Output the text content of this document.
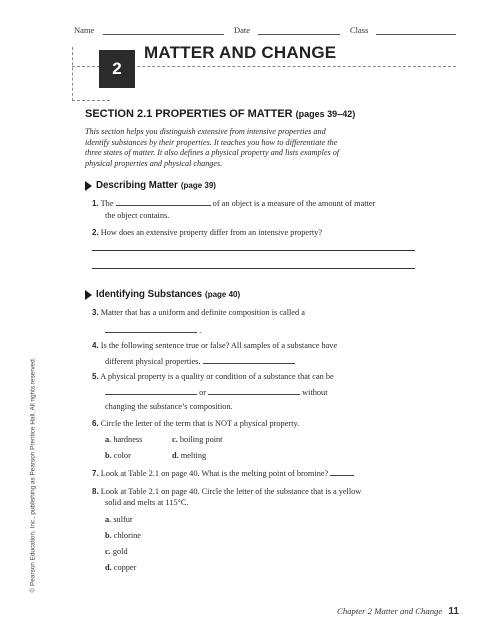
Name	Date	Class
2
MATTER AND CHANGE
SECTION 2.1 PROPERTIES OF MATTER (pages 39–42)
This section helps you distinguish extensive from intensive properties and
identify substances by their properties. It teaches you how to differentiate the
three states of matter. It also defines a physical property and lists examples of
physical properties and physical changes.
Describing Matter (page 39)
1. The	of an object is a measure of the amount of matter
the object contains.
2. How does an extensive property differ from an intensive property?
Identifying Substances (page 40)
3. Matter that has a uniform and definite composition is called a
.
4. Is the following sentence true or false? All samples of a substance have
different physical properties.
5. A physical property is a quality or condition of a substance that can be
or	without
changing the substance’s composition.
6. Circle the letter of the term that is NOT a physical property.
a. hardness	c. boiling point
b. color	d. melting
7. Look at Table 2.1 on page 40. What is the melting point of bromine?
8. Look at Table 2.1 on page 40. Circle the letter of the substance that is a yellow
solid and melts at 115°C.
a. sulfur
b. chlorine
c. gold
d. copper
© Pearson Education, Inc., publishing as Pearson Prentice Hall. All rights reserved.
Chapter 2 Matter and Change 11
